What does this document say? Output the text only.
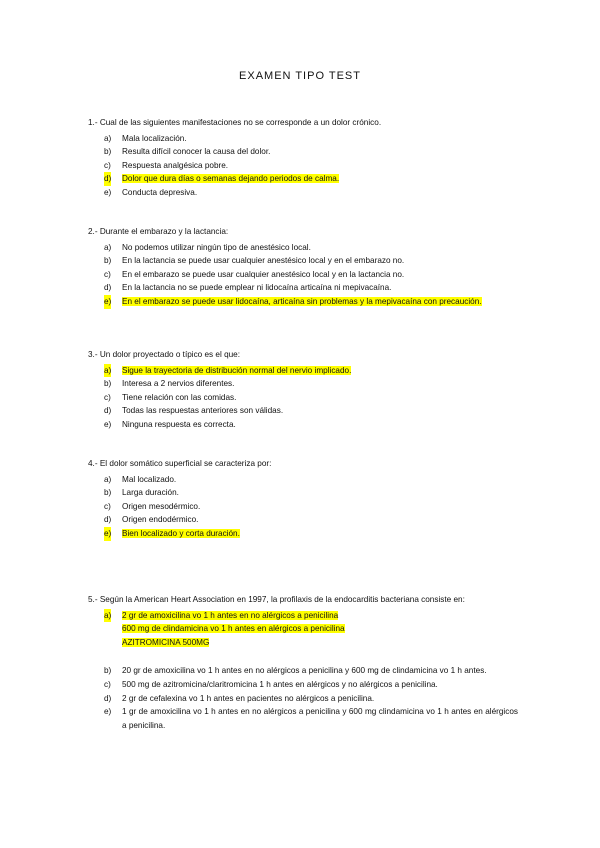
EXAMEN TIPO TEST

1.- Cual de las siguientes manifestaciones no se corresponde a un dolor crónico.

a) Mala localización.
b) Resulta difícil conocer la causa del dolor.
c) Respuesta analgésica pobre.
d) Dolor que dura días o semanas dejando periodos de calma.
e) Conducta depresiva.

2.- Durante el embarazo y la lactancia:

a) No podemos utilizar ningún tipo de anestésico local.
b) En la lactancia se puede usar cualquier anestésico local y en el embarazo no.
c) En el embarazo se puede usar cualquier anestésico local y en la lactancia no.
d) En la lactancia no se puede emplear ni lidocaína articaína ni mepivacaína.
e) En el embarazo se puede usar lidocaína, articaína sin problemas y la mepivacaína con precaución.

3.- Un dolor proyectado o típico es el que:

a) Sigue la trayectoria de distribución normal del nervio implicado.
b) Interesa a 2 nervios diferentes.
c) Tiene relación con las comidas.
d) Todas las respuestas anteriores son válidas.
e) Ninguna respuesta es correcta.

4.- El dolor somático superficial se caracteriza por:

a) Mal localizado.
b) Larga duración.
c) Origen mesodérmico.
d) Origen endodérmico.
e) Bien localizado y corta duración.

5.- Según la American Heart Association en 1997, la profilaxis de la endocarditis bacteriana consiste en:

a) 2 gr de amoxicilina vo 1 h antes en no alérgicos a penicilina
600 mg de clindamicina vo 1 h antes en alérgicos a penicilina
AZITROMICINA 500MG
b) 20 gr de amoxicilina vo 1 h antes en no alérgicos a penicilina y 600 mg de clindamicina vo 1 h antes.
c) 500 mg de azitromicina/claritromicina 1 h antes en alérgicos y no alérgicos a penicilina.
d) 2 gr de cefalexina vo 1 h antes en pacientes no alérgicos a penicilina.
e) 1 gr de amoxicilina vo 1 h antes en no alérgicos a penicilina y 600 mg clindamicina vo 1 h antes en alérgicos a penicilina.
